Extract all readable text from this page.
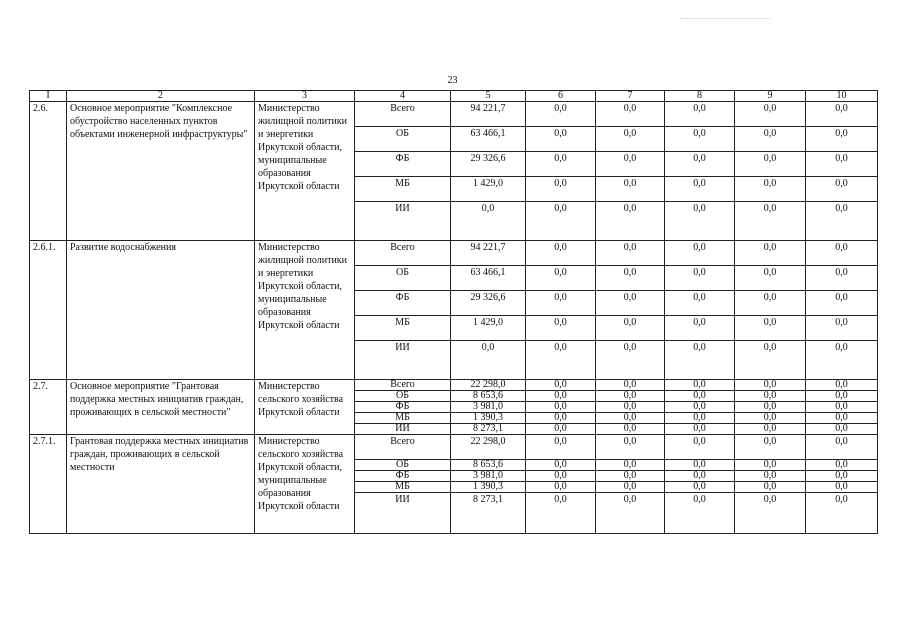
23
I	2	3	4	5	6	7	8	9	10
2.6.	Основное мероприятие "Комплексное обустройство населенных пунктов объектами инженерной инфраструктуры"	Министерство жилищной политики и энергетики Иркутской области, муниципальные образования Иркутской области	Всего	94 221,7	0,0	0,0	0,0	0,0	0,0
			ОБ	63 466,1	0,0	0,0	0,0	0,0	0,0
			ФБ	29 326,6	0,0	0,0	0,0	0,0	0,0
			МБ	1 429,0	0,0	0,0	0,0	0,0	0,0
			ИИ	0,0	0,0	0,0	0,0	0,0	0,0
2.6.1.	Развитие водоснабжения	Министерство жилищной политики и энергетики Иркутской области, муниципальные образования Иркутской области	Всего	94 221,7	0,0	0,0	0,0	0,0	0,0
			ОБ	63 466,1	0,0	0,0	0,0	0,0	0,0
			ФБ	29 326,6	0,0	0,0	0,0	0,0	0,0
			МБ	1 429,0	0,0	0,0	0,0	0,0	0,0
			ИИ	0,0	0,0	0,0	0,0	0,0	0,0
2.7.	Основное мероприятие "Грантовая поддержка местных инициатив граждан, проживающих в сельской местности"	Министерство сельского хозяйства Иркутской области	Всего	22 298,0	0,0	0,0	0,0	0,0	0,0
			ОБ	8 653,6	0,0	0,0	0,0	0,0	0,0
			ФБ	3 981,0	0,0	0,0	0,0	0,0	0,0
			МБ	1 390,3	0,0	0,0	0,0	0,0	0,0
			ИИ	8 273,1	0,0	0,0	0,0	0,0	0,0
2.7.1.	Грантовая поддержка местных инициатив граждан, проживающих в сельской местности	Министерство сельского хозяйства Иркутской области, муниципальные образования Иркутской области	Всего	22 298,0	0,0	0,0	0,0	0,0	0,0
			ОБ	8 653,6	0,0	0,0	0,0	0,0	0,0
			ФБ	3 981,0	0,0	0,0	0,0	0,0	0,0
			МБ	1 390,3	0,0	0,0	0,0	0,0	0,0
			ИИ	8 273,1	0,0	0,0	0,0	0,0	0,0
